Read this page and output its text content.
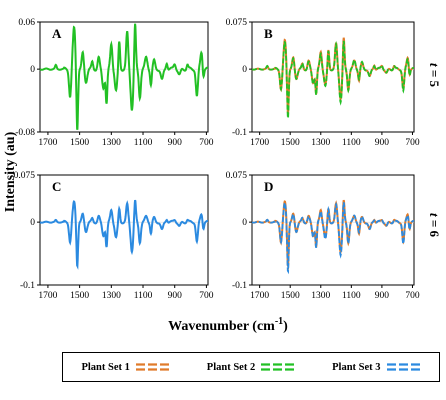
Intensity (au)
Wavenumber $(cm^{-1})$
t = 5
t = 6
A
0.06
0
-0.08
1700 1500 1300 1100 900 700
B
0.075
0
-0.1
1700 1500 1300 1100 900 700
C
0.075
0
-0.1
1700 1500 1300 1100 900 700
D
0.075
0
-0.1
1700 1500 1300 1100 900 700
Plant Set 1	Plant Set 2	Plant Set 3
